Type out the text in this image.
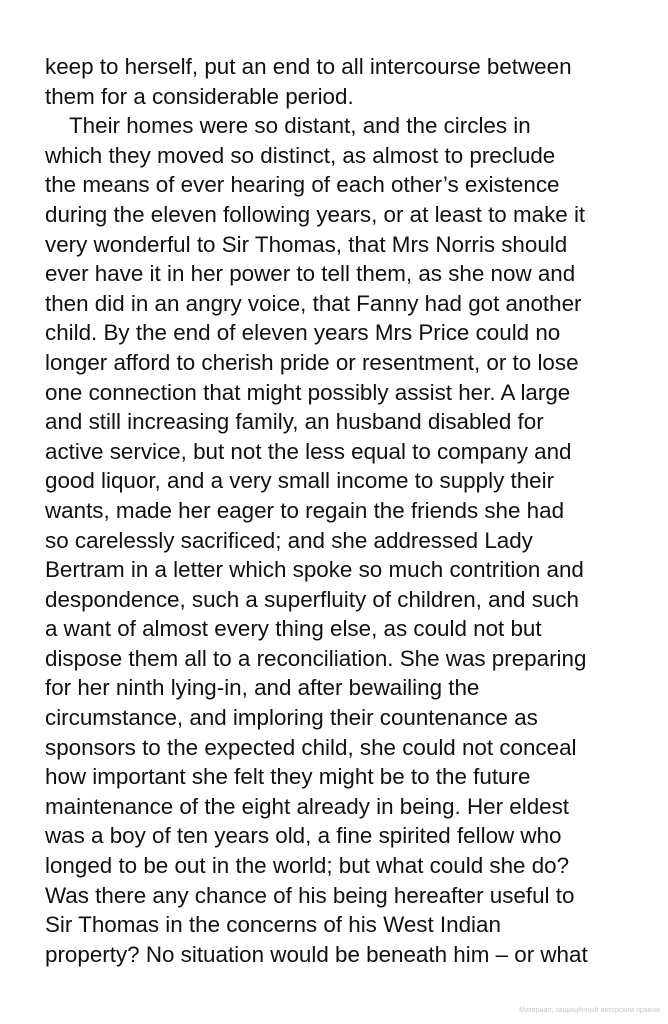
keep to herself, put an end to all intercourse between
them for a considerable period.
Their homes were so distant, and the circles in
which they moved so distinct, as almost to preclude
the means of ever hearing of each other’s existence
during the eleven following years, or at least to make it
very wonderful to Sir Thomas, that Mrs Norris should
ever have it in her power to tell them, as she now and
then did in an angry voice, that Fanny had got another
child. By the end of eleven years Mrs Price could no
longer afford to cherish pride or resentment, or to lose
one connection that might possibly assist her. A large
and still increasing family, an husband disabled for
active service, but not the less equal to company and
good liquor, and a very small income to supply their
wants, made her eager to regain the friends she had
so carelessly sacrificed; and she addressed Lady
Bertram in a letter which spoke so much contrition and
despondence, such a superfluity of children, and such
a want of almost every thing else, as could not but
dispose them all to a reconciliation. She was preparing
for her ninth lying-in, and after bewailing the
circumstance, and imploring their countenance as
sponsors to the expected child, she could not conceal
how important she felt they might be to the future
maintenance of the eight already in being. Her eldest
was a boy of ten years old, a fine spirited fellow who
longed to be out in the world; but what could she do?
Was there any chance of his being hereafter useful to
Sir Thomas in the concerns of his West Indian
property? No situation would be beneath him – or what
Материал, защищённый авторским правом
